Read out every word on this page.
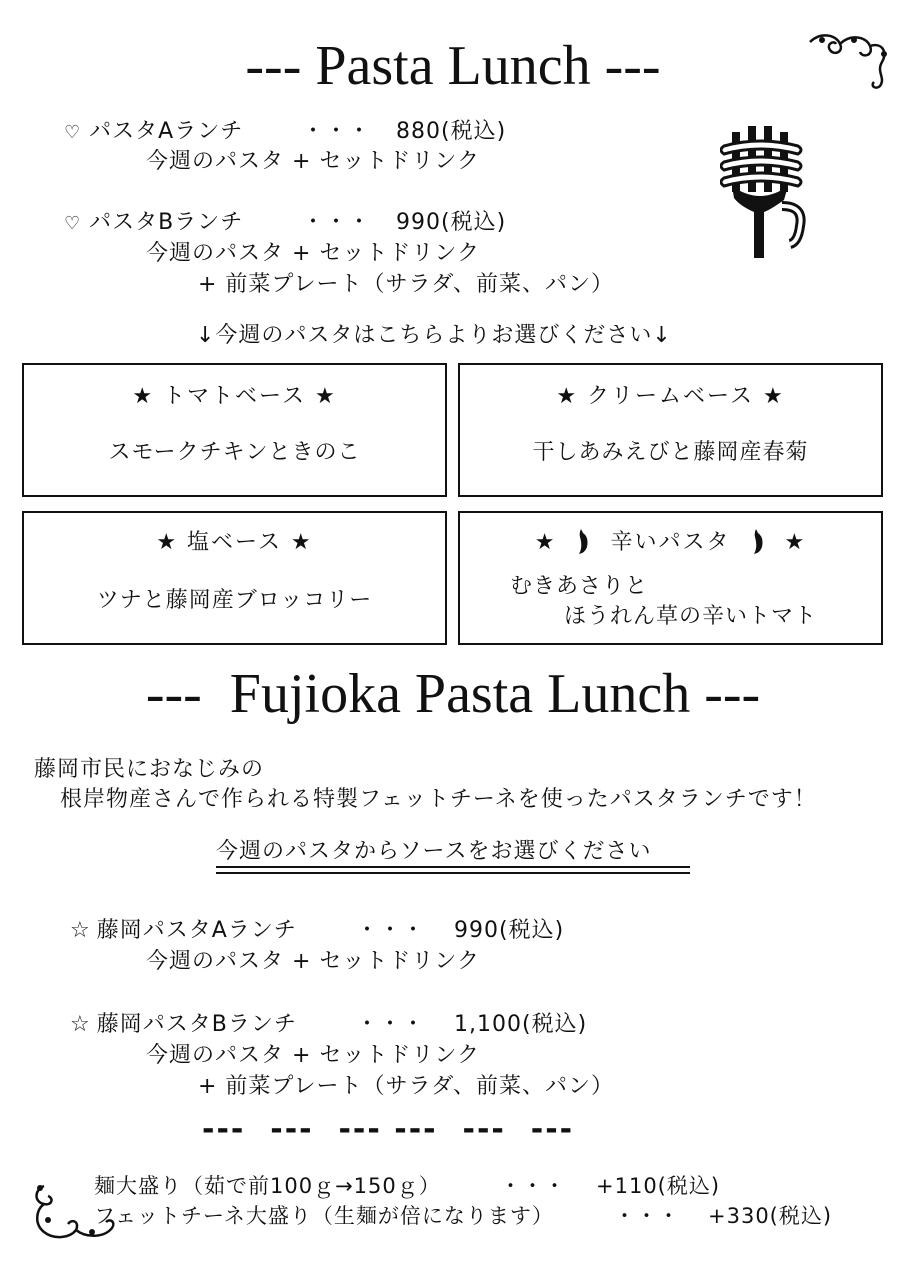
--- Pasta Lunch ---
♡ パスタAランチ	・・・ 880(税込)
今週のパスタ + セットドリンク
♡ パスタBランチ	・・・ 990(税込)
今週のパスタ + セットドリンク
+ 前菜プレート（サラダ、前菜、パン）
↓今週のパスタはこちらよりお選びください↓
★ トマトベース ★
スモークチキンときのこ
★ クリームベース ★
干しあみえびと藤岡産春菊
★ 塩ベース ★
ツナと藤岡産ブロッコリー
★ 辛いパスタ ★
むきあさりと
ほうれん草の辛いトマト
---  Fujioka Pasta Lunch ---
藤岡市民におなじみの
根岸物産さんで作られる特製フェットチーネを使ったパスタランチです！
今週のパスタからソースをお選びください
☆ 藤岡パスタAランチ	・・・ 990(税込)
今週のパスタ + セットドリンク
☆ 藤岡パスタBランチ	・・・ 1,100(税込)
今週のパスタ + セットドリンク
+ 前菜プレート（サラダ、前菜、パン）
---  ---  --- ---  ---  ---
麺大盛り（茹で前100ｇ→150ｇ）	・・・ +110(税込)
フェットチーネ大盛り（生麺が倍になります）	・・・ +330(税込)
